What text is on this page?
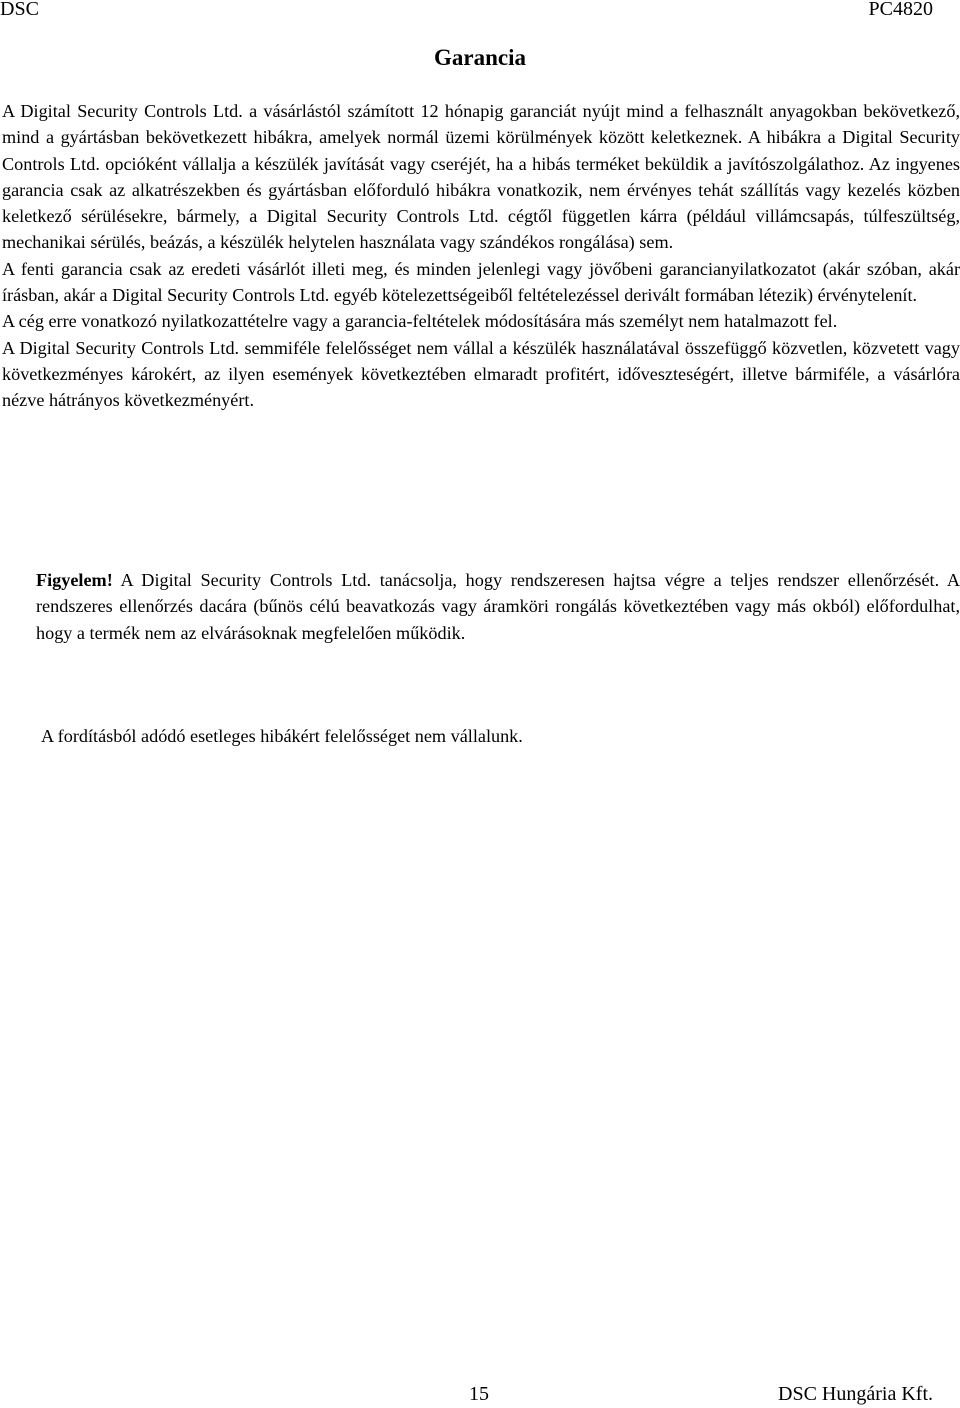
DSC	PC4820
Garancia

A Digital Security Controls Ltd. a vásárlástól számított 12 hónapig garanciát nyújt mind a felhasznált anyagokban bekövetkező, mind a gyártásban bekövetkezett hibákra, amelyek normál üzemi körülmények között keletkeznek. A hibákra a Digital Security Controls Ltd. opcióként vállalja a készülék javítását vagy cseréjét, ha a hibás terméket beküldik a javítószolgálathoz. Az ingyenes garancia csak az alkatrészekben és gyártásban előforduló hibákra vonatkozik, nem érvényes tehát szállítás vagy kezelés közben keletkező sérülésekre, bármely, a Digital Security Controls Ltd. cégtől független kárra (például villámcsapás, túlfeszültség, mechanikai sérülés, beázás, a készülék helytelen használata vagy szándékos rongálása) sem.

A fenti garancia csak az eredeti vásárlót illeti meg, és minden jelenlegi vagy jövőbeni garancianyilatkozatot (akár szóban, akár írásban, akár a Digital Security Controls Ltd. egyéb kötelezettségeiből feltételezéssel derivált formában létezik) érvénytelenít.

A cég erre vonatkozó nyilatkozattételre vagy a garancia-feltételek módosítására más személyt nem hatalmazott fel.

A Digital Security Controls Ltd. semmiféle felelősséget nem vállal a készülék használatával összefüggő közvetlen, közvetett vagy következményes károkért, az ilyen események következtében elmaradt profitért, időveszteségért, illetve bármiféle, a vásárlóra nézve hátrányos következményért.

Figyelem! A Digital Security Controls Ltd. tanácsolja, hogy rendszeresen hajtsa végre a teljes rendszer ellenőrzését. A rendszeres ellenőrzés dacára (bűnös célú beavatkozás vagy áramköri rongálás következtében vagy más okból) előfordulhat, hogy a termék nem az elvárásoknak megfelelően működik.

A fordításból adódó esetleges hibákért felelősséget nem vállalunk.

15	DSC Hungária Kft.
